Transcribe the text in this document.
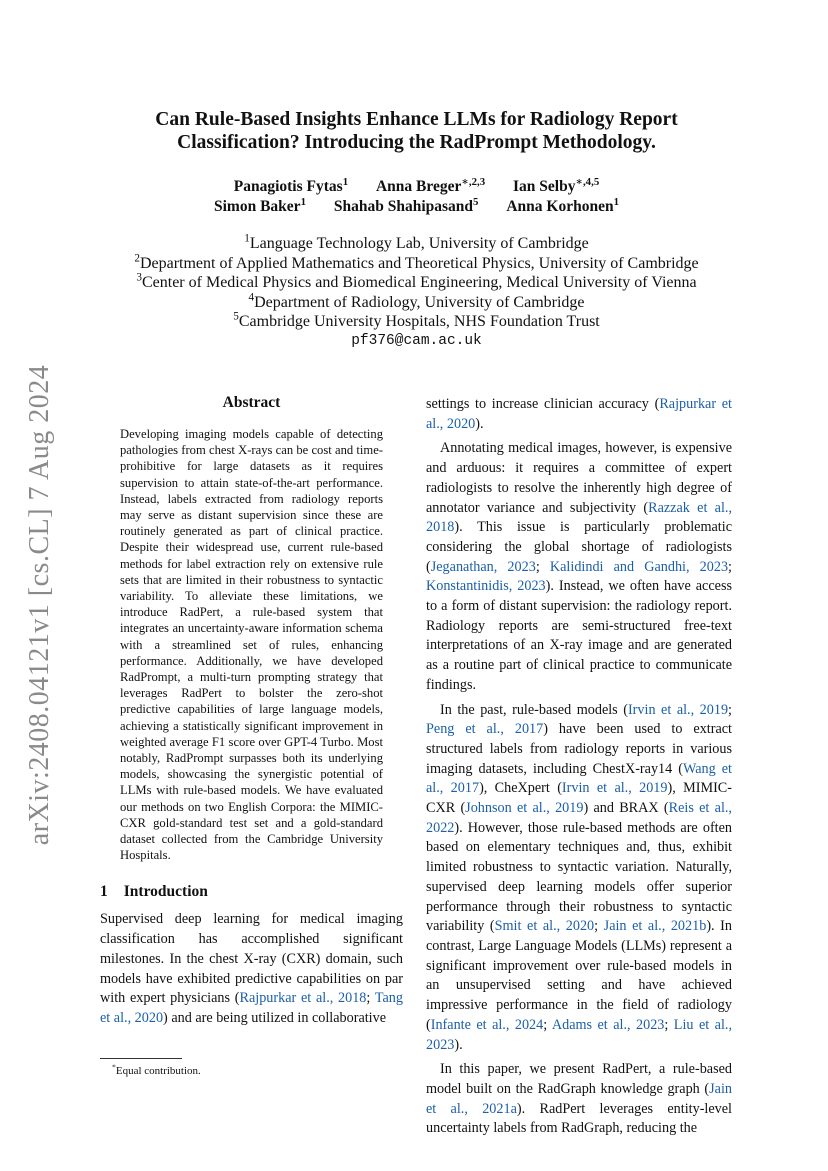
arXiv:2408.04121v1 [cs.CL] 7 Aug 2024
Can Rule-Based Insights Enhance LLMs for Radiology Report
Classification? Introducing the RadPrompt Methodology.
Panagiotis Fytas$^1$ Anna Breger$^{∗,2,3}$ Ian Selby$^{∗,4,5}$
Simon Baker$^1$ Shahab Shahipasand$^5$ Anna Korhonen$^1$
$^1$Language Technology Lab, University of Cambridge
$^2$Department of Applied Mathematics and Theoretical Physics, University of Cambridge
$^3$Center of Medical Physics and Biomedical Engineering, Medical University of Vienna
$^4$Department of Radiology, University of Cambridge
$^5$Cambridge University Hospitals, NHS Foundation Trust
pf376@cam.ac.uk
Abstract

Developing imaging models capable of detecting pathologies from chest X-rays can be cost and time-prohibitive for large datasets as it requires supervision to attain state-of-the-art performance. Instead, labels extracted from radiology reports may serve as distant supervision since these are routinely generated as part of clinical practice. Despite their widespread use, current rule-based methods for label extraction rely on extensive rule sets that are limited in their robustness to syntactic variability. To alleviate these limitations, we introduce RadPert, a rule-based system that integrates an uncertainty-aware information schema with a streamlined set of rules, enhancing performance. Additionally, we have developed RadPrompt, a multi-turn prompting strategy that leverages RadPert to bolster the zero-shot predictive capabilities of large language models, achieving a statistically significant improvement in weighted average F1 score over GPT-4 Turbo. Most notably, RadPrompt surpasses both its underlying models, showcasing the synergistic potential of LLMs with rule-based models. We have evaluated our methods on two English Corpora: the MIMIC-CXR gold-standard test set and a gold-standard dataset collected from the Cambridge University Hospitals.

1 Introduction

Supervised deep learning for medical imaging classification has accomplished significant milestones. In the chest X-ray (CXR) domain, such models have exhibited predictive capabilities on par with expert physicians (Rajpurkar et al., 2018; Tang et al., 2020) and are being utilized in collaborative

settings to increase clinician accuracy (Rajpurkar et al., 2020).

Annotating medical images, however, is expensive and arduous: it requires a committee of expert radiologists to resolve the inherently high degree of annotator variance and subjectivity (Razzak et al., 2018). This issue is particularly problematic considering the global shortage of radiologists (Jeganathan, 2023; Kalidindi and Gandhi, 2023; Konstantinidis, 2023). Instead, we often have access to a form of distant supervision: the radiology report. Radiology reports are semi-structured free-text interpretations of an X-ray image and are generated as a routine part of clinical practice to communicate findings.

In the past, rule-based models (Irvin et al., 2019; Peng et al., 2017) have been used to extract structured labels from radiology reports in various imaging datasets, including ChestX-ray14 (Wang et al., 2017), CheXpert (Irvin et al., 2019), MIMIC-CXR (Johnson et al., 2019) and BRAX (Reis et al., 2022). However, those rule-based methods are often based on elementary techniques and, thus, exhibit limited robustness to syntactic variation. Naturally, supervised deep learning models offer superior performance through their robustness to syntactic variability (Smit et al., 2020; Jain et al., 2021b). In contrast, Large Language Models (LLMs) represent a significant improvement over rule-based models in an unsupervised setting and have achieved impressive performance in the field of radiology (Infante et al., 2024; Adams et al., 2023; Liu et al., 2023).

In this paper, we present RadPert, a rule-based model built on the RadGraph knowledge graph (Jain et al., 2021a). RadPert leverages entity-level uncertainty labels from RadGraph, reducing the

*Equal contribution.
